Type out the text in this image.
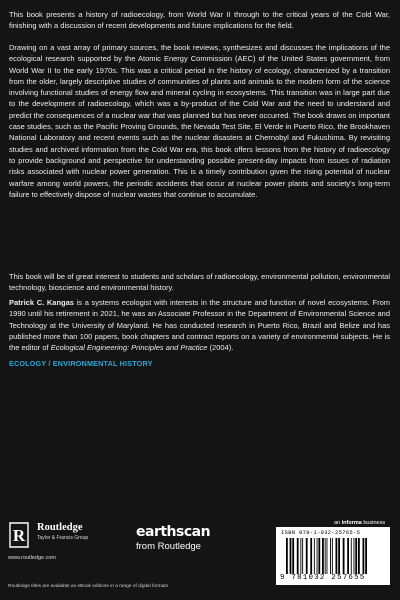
This book presents a history of radioecology, from World War II through to the critical years of the Cold War, finishing with a discussion of recent developments and future implications for the field.

Drawing on a vast array of primary sources, the book reviews, synthesizes and discusses the implications of the ecological research supported by the Atomic Energy Commission (AEC) of the United States government, from World War II to the early 1970s. This was a critical period in the history of ecology, characterized by a transition from the older, largely descriptive studies of communities of plants and animals to the modern form of the science involving functional studies of energy flow and mineral cycling in ecosystems. This transition was in large part due to the development of radioecology, which was a by-product of the Cold War and the need to understand and predict the consequences of a nuclear war that was planned but has never occurred. The book draws on important case studies, such as the Pacific Proving Grounds, the Nevada Test Site, El Verde in Puerto Rico, the Brookhaven National Laboratory and recent events such as the nuclear disasters at Chernobyl and Fukushima. By revisiting studies and archived information from the Cold War era, this book offers lessons from the history of radioecology to provide background and perspective for understanding possible present-day impacts from issues of radiation risks associated with nuclear power generation. This is a timely contribution given the rising potential of nuclear warfare among world powers, the periodic accidents that occur at nuclear power plants and society's long-term failure to effectively dispose of nuclear wastes that continue to accumulate.

This book will be of great interest to students and scholars of radioecology, environmental pollution, environmental technology, bioscience and environmental history.

Patrick C. Kangas is a systems ecologist with interests in the structure and function of novel ecosystems. From 1990 until his retirement in 2021, he was an Associate Professor in the Department of Environmental Science and Technology at the University of Maryland. He has conducted research in Puerto Rico, Brazil and Belize and has published more than 100 papers, book chapters and contract reports on a variety of environmental subjects. He is the editor of Ecological Engineering: Principles and Practice (2004).

ECOLOGY / ENVIRONMENTAL HISTORY
R Routledge
Taylor & Francis Group
www.routledge.com
earthscan
from Routledge
an informa business
ISBN 978-1-032-25765-5
9 781032 257655
Routledge titles are available as eBook editions in a range of digital formats
